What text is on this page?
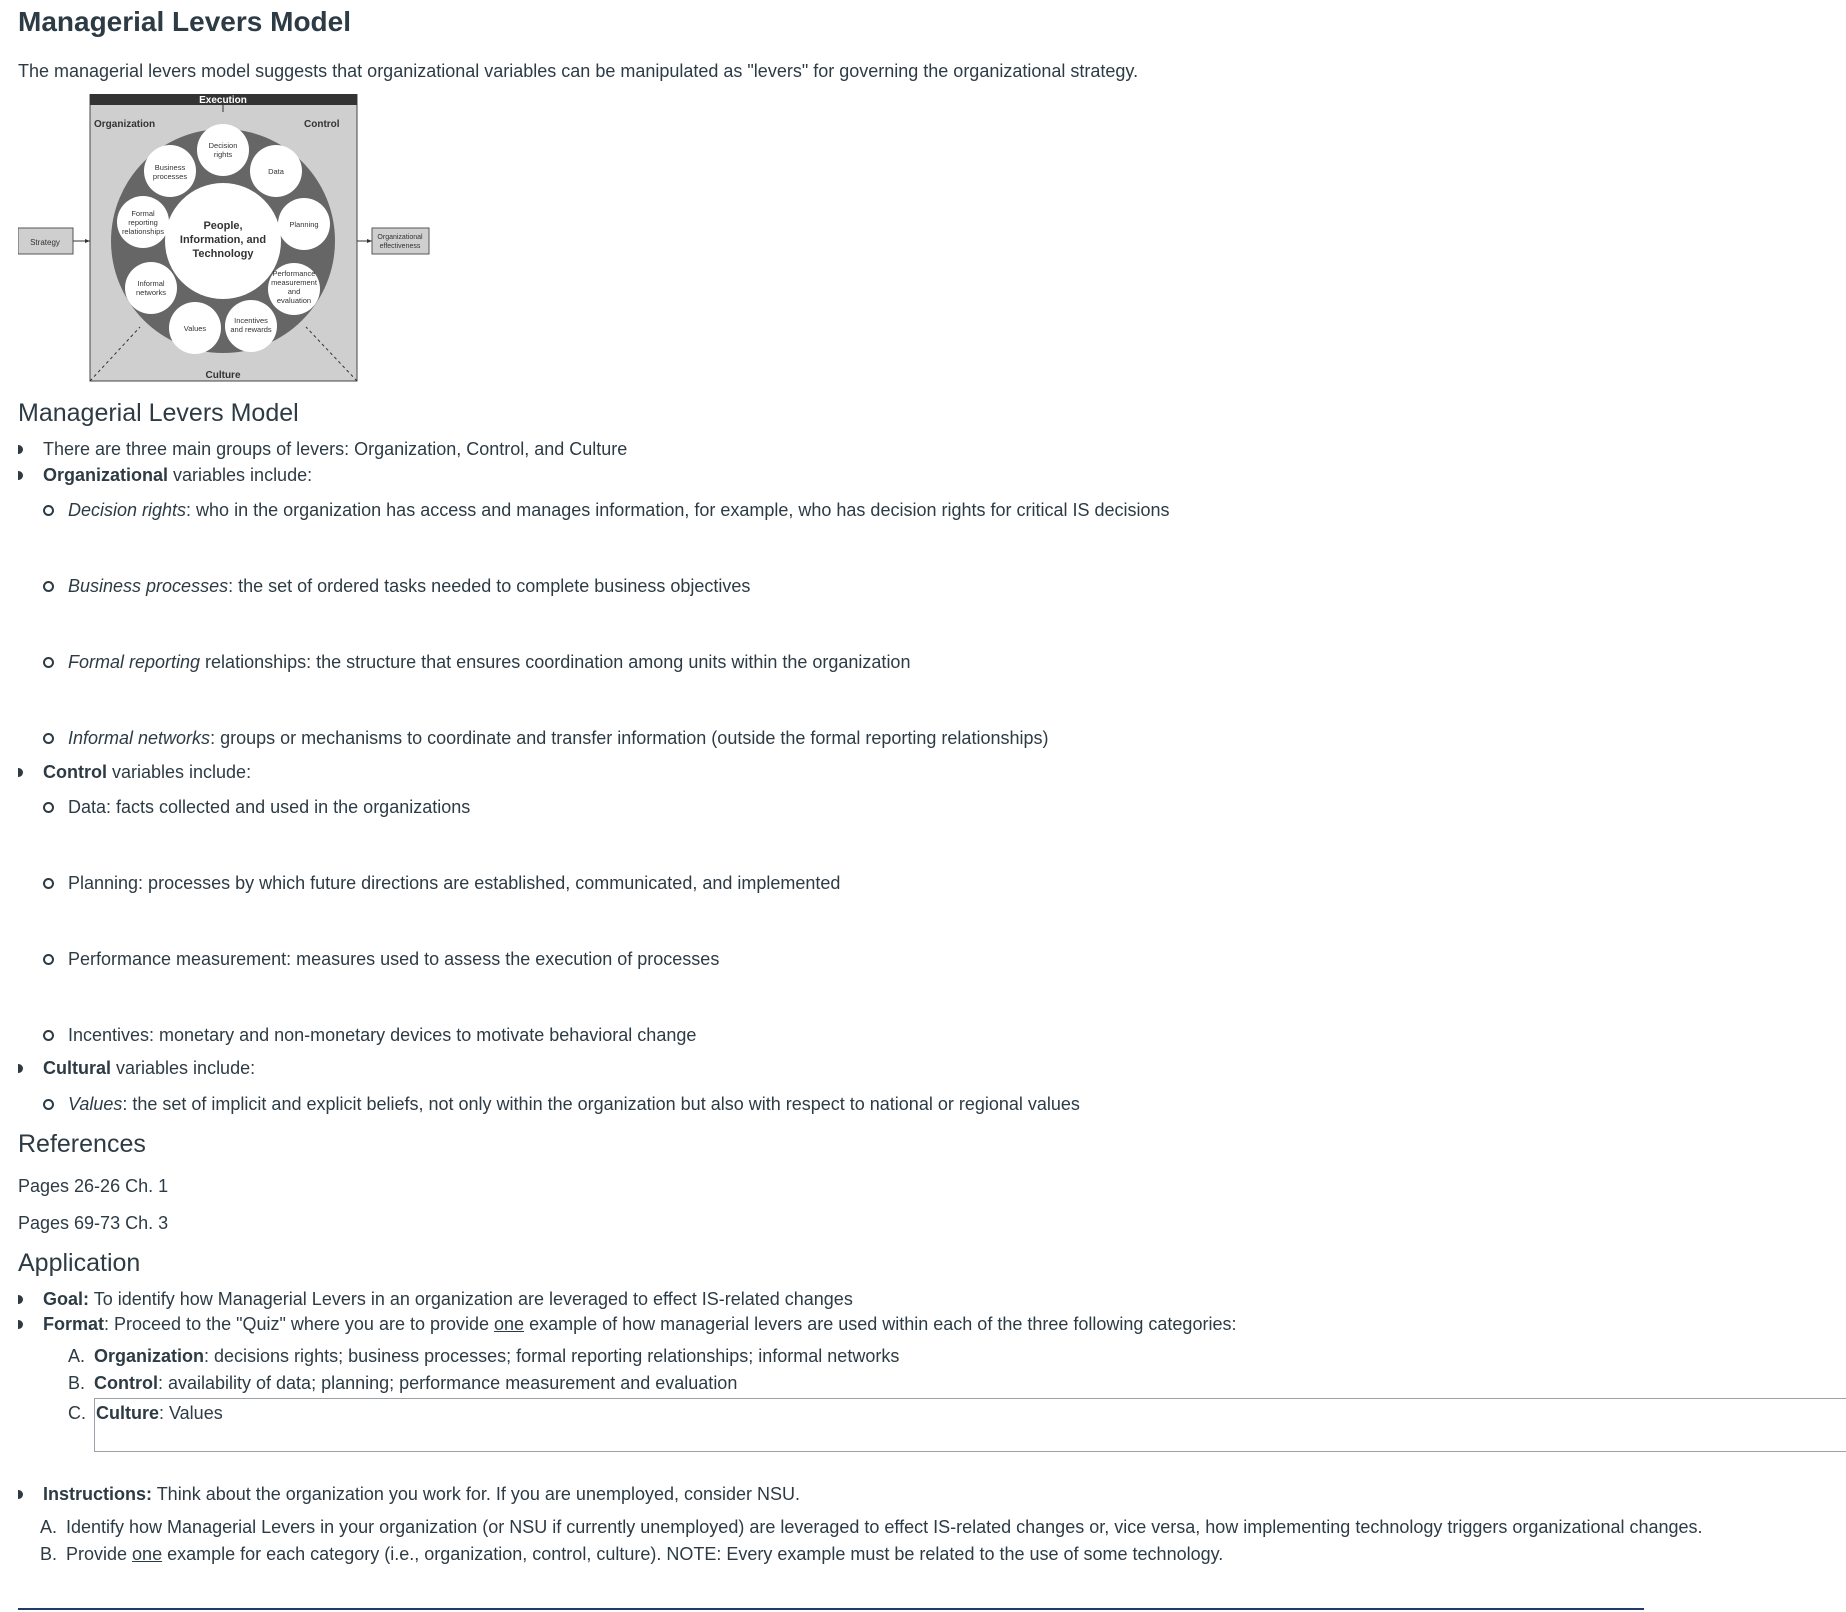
Managerial Levers Model

The managerial levers model suggests that organizational variables can be manipulated as "levers" for governing the organizational strategy.

Execution
Organization	Control
Culture
People,
Information, and
Technology
Decision
rights
Data
Business
processes
Formal
reporting
relationships
Planning
Performance
measurement
and
evaluation
Informal
networks
Values
Incentives
and rewards
Strategy
Organizational
effectiveness
Managerial Levers Model
There are three main groups of levers: Organization, Control, and Culture
Organizational variables include:
Decision rights: who in the organization has access and manages information, for example, who has decision rights for critical IS decisions
Business processes: the set of ordered tasks needed to complete business objectives
Formal reporting relationships: the structure that ensures coordination among units within the organization
Informal networks: groups or mechanisms to coordinate and transfer information (outside the formal reporting relationships)
Control variables include:
Data: facts collected and used in the organizations
Planning: processes by which future directions are established, communicated, and implemented
Performance measurement: measures used to assess the execution of processes
Incentives: monetary and non-monetary devices to motivate behavioral change
Cultural variables include:
Values: the set of implicit and explicit beliefs, not only within the organization but also with respect to national or regional values
References

Pages 26-26 Ch. 1

Pages 69-73 Ch. 3

Application
Goal: To identify how Managerial Levers in an organization are leveraged to effect IS-related changes
Format: Proceed to the "Quiz" where you are to provide one example of how managerial levers are used within each of the three following categories:
A. Organization: decisions rights; business processes; formal reporting relationships; informal networks
B. Control: availability of data; planning; performance measurement and evaluation
C. Culture: Values
Instructions: Think about the organization you work for. If you are unemployed, consider NSU.
A. Identify how Managerial Levers in your organization (or NSU if currently unemployed) are leveraged to effect IS-related changes or, vice versa, how implementing technology triggers organizational changes.
B. Provide one example for each category (i.e., organization, control, culture). NOTE: Every example must be related to the use of some technology.
